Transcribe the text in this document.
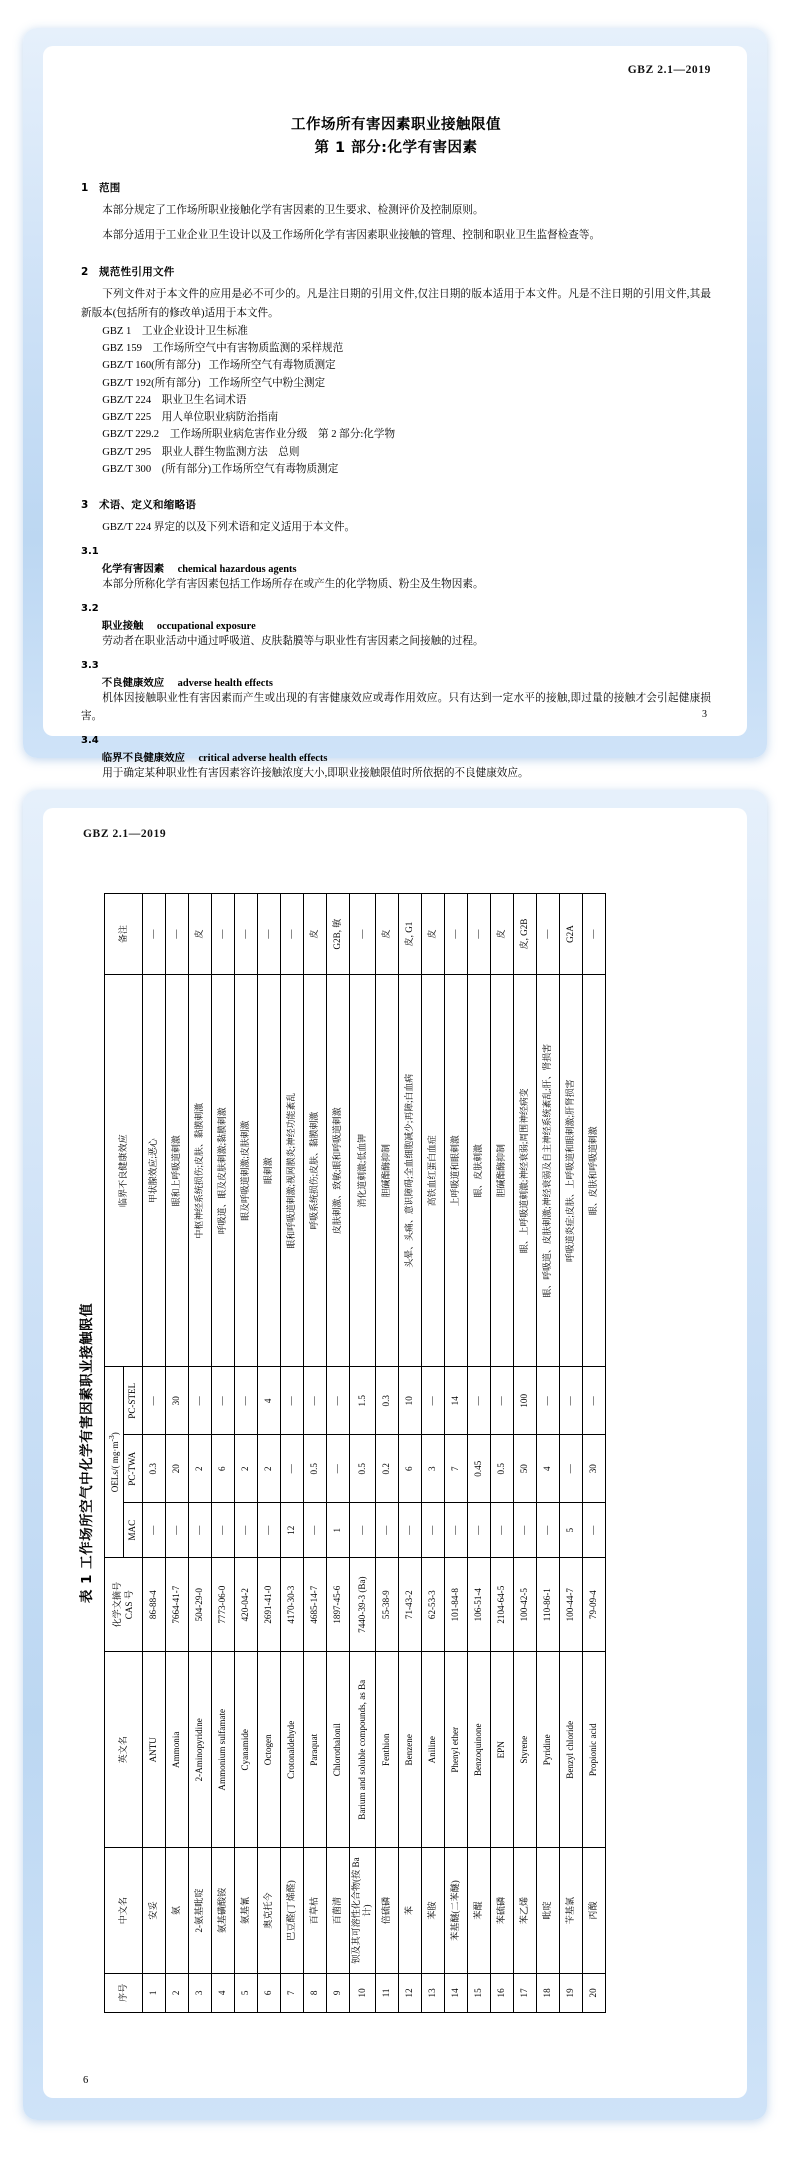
GBZ 2.1—2019
工作场所有害因素职业接触限值
第 1 部分:化学有害因素
1 范围
本部分规定了工作场所职业接触化学有害因素的卫生要求、检测评价及控制原则。
本部分适用于工业企业卫生设计以及工作场所化学有害因素职业接触的管理、控制和职业卫生监督检查等。
2 规范性引用文件
下列文件对于本文件的应用是必不可少的。凡是注日期的引用文件,仅注日期的版本适用于本文件。凡是不注日期的引用文件,其最新版本(包括所有的修改单)适用于本文件。
GBZ 1    工业企业设计卫生标准
GBZ 159    工作场所空气中有害物质监测的采样规范
GBZ/T 160(所有部分)   工作场所空气有毒物质测定
GBZ/T 192(所有部分)   工作场所空气中粉尘测定
GBZ/T 224    职业卫生名词术语
GBZ/T 225    用人单位职业病防治指南
GBZ/T 229.2    工作场所职业病危害作业分级    第 2 部分:化学物
GBZ/T 295    职业人群生物监测方法    总则
GBZ/T 300    (所有部分)工作场所空气有毒物质测定
3 术语、定义和缩略语
GBZ/T 224 界定的以及下列术语和定义适用于本文件。
3.1
化学有害因素 chemical hazardous agents
本部分所称化学有害因素包括工作场所存在或产生的化学物质、粉尘及生物因素。
3.2
职业接触 occupational exposure
劳动者在职业活动中通过呼吸道、皮肤黏膜等与职业性有害因素之间接触的过程。
3.3
不良健康效应 adverse health effects
机体因接触职业性有害因素而产生或出现的有害健康效应或毒作用效应。只有达到一定水平的接触,即过量的接触才会引起健康损害。
3.4
临界不良健康效应 critical adverse health effects
用于确定某种职业性有害因素容许接触浓度大小,即职业接触限值时所依据的不良健康效应。
3
GBZ 2.1—2019
表 1 工作场所空气中化学有害因素职业接触限值
序号	中文名	英文名	化学文摘号 CAS 号	OELs/( $mg\cdot m^{-3}$)			临界不良健康效应	备注
				MAC	PC-TWA	PC-STEL		
1	安妥	ANTU	86-88-4	—	0.3	—	甲状腺效应;恶心	—
2	氨	Ammonia	7664-41-7	—	20	30	眼和上呼吸道刺激	—
3	2-氨基吡啶	2-Aminopyridine	504-29-0	—	2	—	中枢神经系统损伤;皮肤、黏膜刺激	皮
4	氨基磺酸铵	Ammonium sulfamate	7773-06-0	—	6	—	呼吸道、眼及皮肤刺激;黏膜刺激	—
5	氨基氰	Cyanamide	420-04-2	—	2	—	眼及呼吸道刺激;皮肤刺激	—
6	奥克托今	Octogen	2691-41-0	—	2	4	眼刺激	—
7	巴豆醛(丁烯醛)	Crotonaldehyde	4170-30-3	12	—	—	眼和呼吸道刺激;视网膜炎;神经功能紊乱	—
8	百草枯	Paraquat	4685-14-7	—	0.5	—	呼吸系统损伤;皮肤、黏膜刺激	皮
9	百菌清	Chlorothalonil	1897-45-6	1	—	—	皮肤刺激、致敏;眼和呼吸道刺激	G2B, 敏
10	钡及其可溶性化合物(按 Ba 计)	Barium and soluble compounds, as Ba	7440-39-3 (Ba)	—	0.5	1.5	消化道刺激;低血钾	—
11	倍硫磷	Fenthion	55-38-9	—	0.2	0.3	胆碱酯酶抑制	皮
12	苯	Benzene	71-43-2	—	6	10	头晕、头痛、意识障碍;全血细胞减少;再障;白血病	皮, G1
13	苯胺	Aniline	62-53-3	—	3	—	高铁血红蛋白血症	皮
14	苯基醚(二苯醚)	Phenyl ether	101-84-8	—	7	14	上呼吸道和眼刺激	—
15	苯醌	Benzoquinone	106-51-4	—	0.45	—	眼、皮肤刺激	—
16	苯硫磷	EPN	2104-64-5	—	0.5	—	胆碱酯酶抑制	皮
17	苯乙烯	Styrene	100-42-5	—	50	100	眼、上呼吸道刺激;神经衰弱;周围神经病变	皮, G2B
18	吡啶	Pyridine	110-86-1	—	4	—	眼、呼吸道、皮肤刺激;神经衰弱及自主神经系统紊乱;肝、肾损害	—
19	苄基氯	Benzyl chloride	100-44-7	5	—	—	呼吸道炎症;皮肤、上呼吸道和眼刺激;肝肾损害	G2A
20	丙酸	Propionic acid	79-09-4	—	30	—	眼、皮肤和呼吸道刺激	—
6
